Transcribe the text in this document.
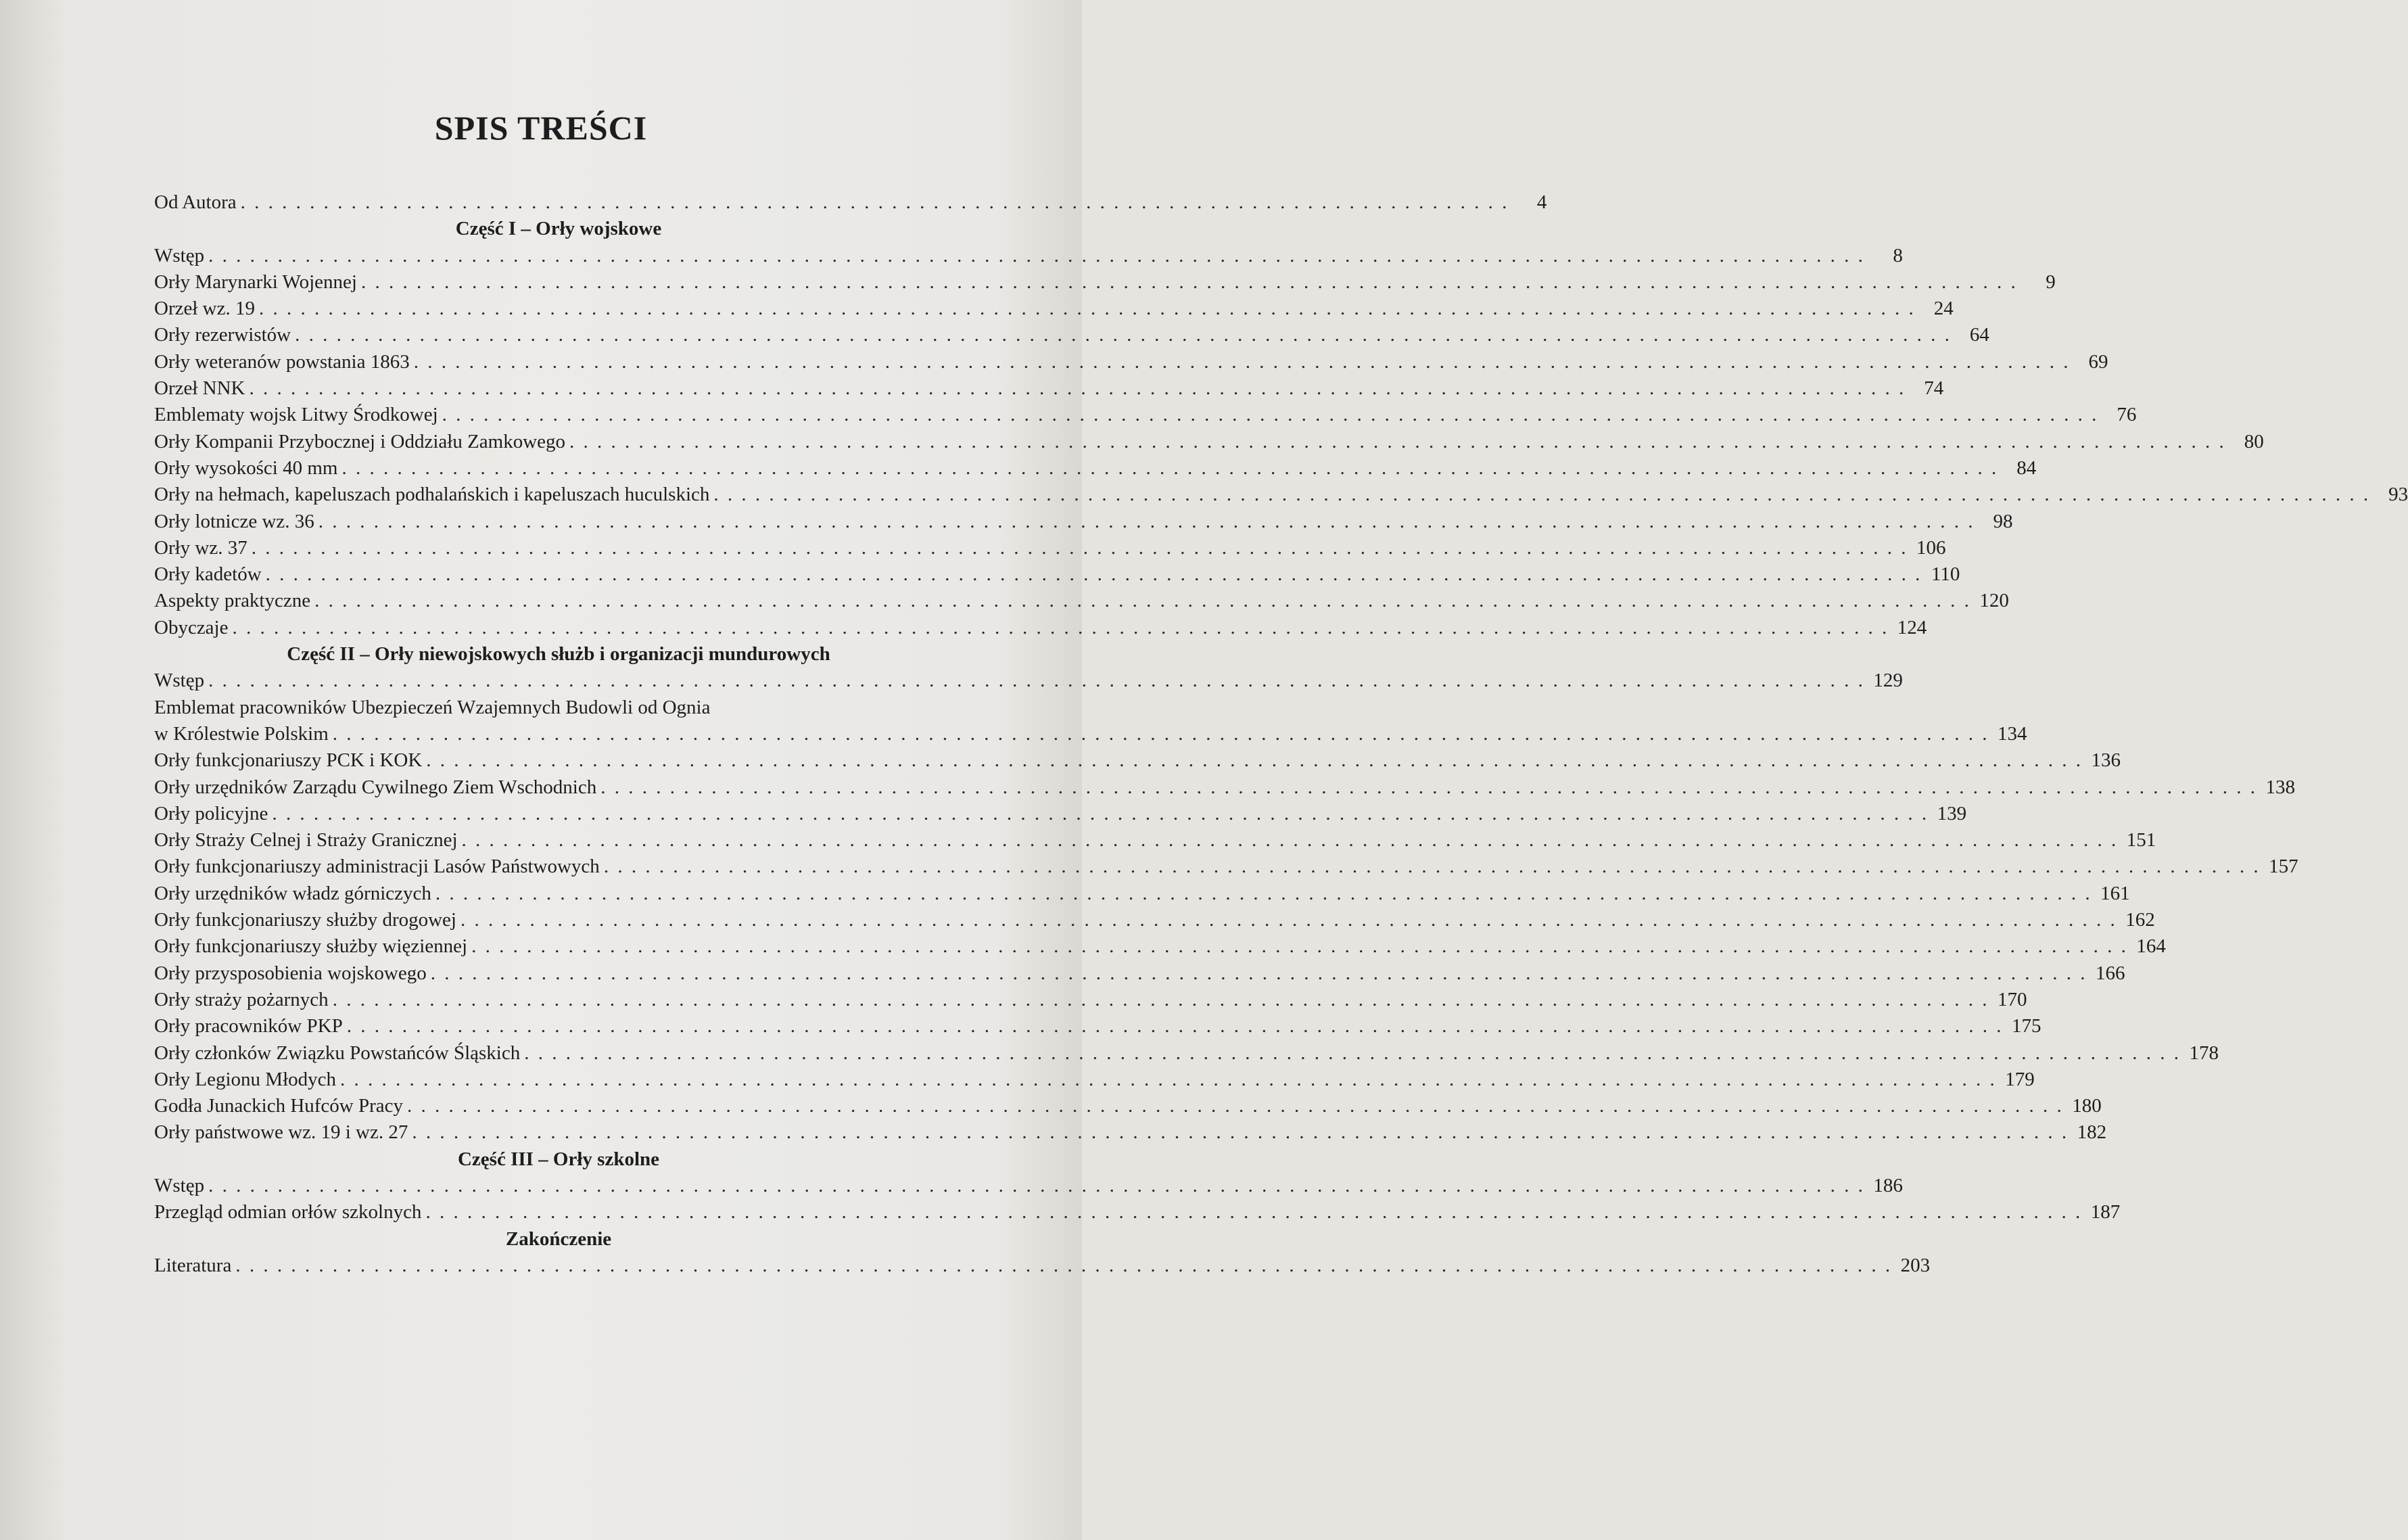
SPIS TREŚCI
Od Autora . . . . . . . . . . . . . . . . . . . . . . . . . . . . . . . . . . . . . . . . . . . . . . . . . . . . . . . . . . . . . . . . . . . . . . . . . . . . . . . . . . . . . . . . . . . .	4
Część I – Orły wojskowe
Wstęp . . . . . . . . . . . . . . . . . . . . . . . . . . . . . . . . . . . . . . . . . . . . . . . . . . . . . . . . . . . . . . . . . . . . . . . . . . . . . . . . . . . . . . . . . . . . . . . . . . . . . . . . . . . . . . . . . . . . . . . .	8
Orły Marynarki Wojennej . . . . . . . . . . . . . . . . . . . . . . . . . . . . . . . . . . . . . . . . . . . . . . . . . . . . . . . . . . . . . . . . . . . . . . . . . . . . . . . . . . . . . . . . . . . . . . . . . . . . . . . . . . . . . . . . . . . . . . . .	9
Orzeł wz. 19 . . . . . . . . . . . . . . . . . . . . . . . . . . . . . . . . . . . . . . . . . . . . . . . . . . . . . . . . . . . . . . . . . . . . . . . . . . . . . . . . . . . . . . . . . . . . . . . . . . . . . . . . . . . . . . . . . . . . . . . . 24
Orły rezerwistów . . . . . . . . . . . . . . . . . . . . . . . . . . . . . . . . . . . . . . . . . . . . . . . . . . . . . . . . . . . . . . . . . . . . . . . . . . . . . . . . . . . . . . . . . . . . . . . . . . . . . . . . . . . . . . . . . . . . . . . . 64
Orły weteranów powstania 1863 . . . . . . . . . . . . . . . . . . . . . . . . . . . . . . . . . . . . . . . . . . . . . . . . . . . . . . . . . . . . . . . . . . . . . . . . . . . . . . . . . . . . . . . . . . . . . . . . . . . . . . . . . . . . . . . . . . . . . . . . 69
Orzeł NNK . . . . . . . . . . . . . . . . . . . . . . . . . . . . . . . . . . . . . . . . . . . . . . . . . . . . . . . . . . . . . . . . . . . . . . . . . . . . . . . . . . . . . . . . . . . . . . . . . . . . . . . . . . . . . . . . . . . . . . . . 74
Emblematy wojsk Litwy Środkowej . . . . . . . . . . . . . . . . . . . . . . . . . . . . . . . . . . . . . . . . . . . . . . . . . . . . . . . . . . . . . . . . . . . . . . . . . . . . . . . . . . . . . . . . . . . . . . . . . . . . . . . . . . . . . . . . . . . . . . . . 76
Orły Kompanii Przybocznej i Oddziału Zamkowego . . . . . . . . . . . . . . . . . . . . . . . . . . . . . . . . . . . . . . . . . . . . . . . . . . . . . . . . . . . . . . . . . . . . . . . . . . . . . . . . . . . . . . . . . . . . . . . . . . . . . . . . . . . . . . . . . . . . . . . . 80
Orły wysokości 40 mm . . . . . . . . . . . . . . . . . . . . . . . . . . . . . . . . . . . . . . . . . . . . . . . . . . . . . . . . . . . . . . . . . . . . . . . . . . . . . . . . . . . . . . . . . . . . . . . . . . . . . . . . . . . . . . . . . . . . . . . . 84
Orły na hełmach, kapeluszach podhalańskich i kapeluszach huculskich . . . . . . . . . . . . . . . . . . . . . . . . . . . . . . . . . . . . . . . . . . . . . . . . . . . . . . . . . . . . . . . . . . . . . . . . . . . . . . . . . . . . . . . . . . . . . . . . . . . . . . . . . . . . . . . . . . . . . . . . 93
Orły lotnicze wz. 36 . . . . . . . . . . . . . . . . . . . . . . . . . . . . . . . . . . . . . . . . . . . . . . . . . . . . . . . . . . . . . . . . . . . . . . . . . . . . . . . . . . . . . . . . . . . . . . . . . . . . . . . . . . . . . . . . . . . . . . . . 98
Orły wz. 37 . . . . . . . . . . . . . . . . . . . . . . . . . . . . . . . . . . . . . . . . . . . . . . . . . . . . . . . . . . . . . . . . . . . . . . . . . . . . . . . . . . . . . . . . . . . . . . . . . . . . . . . . . . . . . . . . . . . . . . . . 106
Orły kadetów . . . . . . . . . . . . . . . . . . . . . . . . . . . . . . . . . . . . . . . . . . . . . . . . . . . . . . . . . . . . . . . . . . . . . . . . . . . . . . . . . . . . . . . . . . . . . . . . . . . . . . . . . . . . . . . . . . . . . . . . 110
Aspekty praktyczne . . . . . . . . . . . . . . . . . . . . . . . . . . . . . . . . . . . . . . . . . . . . . . . . . . . . . . . . . . . . . . . . . . . . . . . . . . . . . . . . . . . . . . . . . . . . . . . . . . . . . . . . . . . . . . . . . . . . . . . . 120
Obyczaje . . . . . . . . . . . . . . . . . . . . . . . . . . . . . . . . . . . . . . . . . . . . . . . . . . . . . . . . . . . . . . . . . . . . . . . . . . . . . . . . . . . . . . . . . . . . . . . . . . . . . . . . . . . . . . . . . . . . . . . . 124
Część II – Orły niewojskowych służb i organizacji mundurowych
Wstęp . . . . . . . . . . . . . . . . . . . . . . . . . . . . . . . . . . . . . . . . . . . . . . . . . . . . . . . . . . . . . . . . . . . . . . . . . . . . . . . . . . . . . . . . . . . . . . . . . . . . . . . . . . . . . . . . . . . . . . . . 129
Emblemat pracowników Ubezpieczeń Wzajemnych Budowli od Ognia
w Królestwie Polskim . . . . . . . . . . . . . . . . . . . . . . . . . . . . . . . . . . . . . . . . . . . . . . . . . . . . . . . . . . . . . . . . . . . . . . . . . . . . . . . . . . . . . . . . . . . . . . . . . . . . . . . . . . . . . . . . . . . . . . . . 134
Orły funkcjonariuszy PCK i KOK . . . . . . . . . . . . . . . . . . . . . . . . . . . . . . . . . . . . . . . . . . . . . . . . . . . . . . . . . . . . . . . . . . . . . . . . . . . . . . . . . . . . . . . . . . . . . . . . . . . . . . . . . . . . . . . . . . . . . . . . 136
Orły urzędników Zarządu Cywilnego Ziem Wschodnich . . . . . . . . . . . . . . . . . . . . . . . . . . . . . . . . . . . . . . . . . . . . . . . . . . . . . . . . . . . . . . . . . . . . . . . . . . . . . . . . . . . . . . . . . . . . . . . . . . . . . . . . . . . . . . . . . . . . . . . . 138
Orły policyjne . . . . . . . . . . . . . . . . . . . . . . . . . . . . . . . . . . . . . . . . . . . . . . . . . . . . . . . . . . . . . . . . . . . . . . . . . . . . . . . . . . . . . . . . . . . . . . . . . . . . . . . . . . . . . . . . . . . . . . . . 139
Orły Straży Celnej i Straży Granicznej . . . . . . . . . . . . . . . . . . . . . . . . . . . . . . . . . . . . . . . . . . . . . . . . . . . . . . . . . . . . . . . . . . . . . . . . . . . . . . . . . . . . . . . . . . . . . . . . . . . . . . . . . . . . . . . . . . . . . . . . 151
Orły funkcjonariuszy administracji Lasów Państwowych . . . . . . . . . . . . . . . . . . . . . . . . . . . . . . . . . . . . . . . . . . . . . . . . . . . . . . . . . . . . . . . . . . . . . . . . . . . . . . . . . . . . . . . . . . . . . . . . . . . . . . . . . . . . . . . . . . . . . . . . 157
Orły urzędników władz górniczych . . . . . . . . . . . . . . . . . . . . . . . . . . . . . . . . . . . . . . . . . . . . . . . . . . . . . . . . . . . . . . . . . . . . . . . . . . . . . . . . . . . . . . . . . . . . . . . . . . . . . . . . . . . . . . . . . . . . . . . . 161
Orły funkcjonariuszy służby drogowej . . . . . . . . . . . . . . . . . . . . . . . . . . . . . . . . . . . . . . . . . . . . . . . . . . . . . . . . . . . . . . . . . . . . . . . . . . . . . . . . . . . . . . . . . . . . . . . . . . . . . . . . . . . . . . . . . . . . . . . . 162
Orły funkcjonariuszy służby więziennej . . . . . . . . . . . . . . . . . . . . . . . . . . . . . . . . . . . . . . . . . . . . . . . . . . . . . . . . . . . . . . . . . . . . . . . . . . . . . . . . . . . . . . . . . . . . . . . . . . . . . . . . . . . . . . . . . . . . . . . . 164
Orły przysposobienia wojskowego . . . . . . . . . . . . . . . . . . . . . . . . . . . . . . . . . . . . . . . . . . . . . . . . . . . . . . . . . . . . . . . . . . . . . . . . . . . . . . . . . . . . . . . . . . . . . . . . . . . . . . . . . . . . . . . . . . . . . . . . 166
Orły straży pożarnych . . . . . . . . . . . . . . . . . . . . . . . . . . . . . . . . . . . . . . . . . . . . . . . . . . . . . . . . . . . . . . . . . . . . . . . . . . . . . . . . . . . . . . . . . . . . . . . . . . . . . . . . . . . . . . . . . . . . . . . . 170
Orły pracowników PKP . . . . . . . . . . . . . . . . . . . . . . . . . . . . . . . . . . . . . . . . . . . . . . . . . . . . . . . . . . . . . . . . . . . . . . . . . . . . . . . . . . . . . . . . . . . . . . . . . . . . . . . . . . . . . . . . . . . . . . . . 175
Orły członków Związku Powstańców Śląskich . . . . . . . . . . . . . . . . . . . . . . . . . . . . . . . . . . . . . . . . . . . . . . . . . . . . . . . . . . . . . . . . . . . . . . . . . . . . . . . . . . . . . . . . . . . . . . . . . . . . . . . . . . . . . . . . . . . . . . . . 178
Orły Legionu Młodych . . . . . . . . . . . . . . . . . . . . . . . . . . . . . . . . . . . . . . . . . . . . . . . . . . . . . . . . . . . . . . . . . . . . . . . . . . . . . . . . . . . . . . . . . . . . . . . . . . . . . . . . . . . . . . . . . . . . . . . . 179
Godła Junackich Hufców Pracy . . . . . . . . . . . . . . . . . . . . . . . . . . . . . . . . . . . . . . . . . . . . . . . . . . . . . . . . . . . . . . . . . . . . . . . . . . . . . . . . . . . . . . . . . . . . . . . . . . . . . . . . . . . . . . . . . . . . . . . . 180
Orły państwowe wz. 19 i wz. 27 . . . . . . . . . . . . . . . . . . . . . . . . . . . . . . . . . . . . . . . . . . . . . . . . . . . . . . . . . . . . . . . . . . . . . . . . . . . . . . . . . . . . . . . . . . . . . . . . . . . . . . . . . . . . . . . . . . . . . . . . 182
Część III – Orły szkolne
Wstęp . . . . . . . . . . . . . . . . . . . . . . . . . . . . . . . . . . . . . . . . . . . . . . . . . . . . . . . . . . . . . . . . . . . . . . . . . . . . . . . . . . . . . . . . . . . . . . . . . . . . . . . . . . . . . . . . . . . . . . . . 186
Przegląd odmian orłów szkolnych . . . . . . . . . . . . . . . . . . . . . . . . . . . . . . . . . . . . . . . . . . . . . . . . . . . . . . . . . . . . . . . . . . . . . . . . . . . . . . . . . . . . . . . . . . . . . . . . . . . . . . . . . . . . . . . . . . . . . . . . 187
Zakończenie
Literatura . . . . . . . . . . . . . . . . . . . . . . . . . . . . . . . . . . . . . . . . . . . . . . . . . . . . . . . . . . . . . . . . . . . . . . . . . . . . . . . . . . . . . . . . . . . . . . . . . . . . . . . . . . . . . . . . . . . . . . . . 203
